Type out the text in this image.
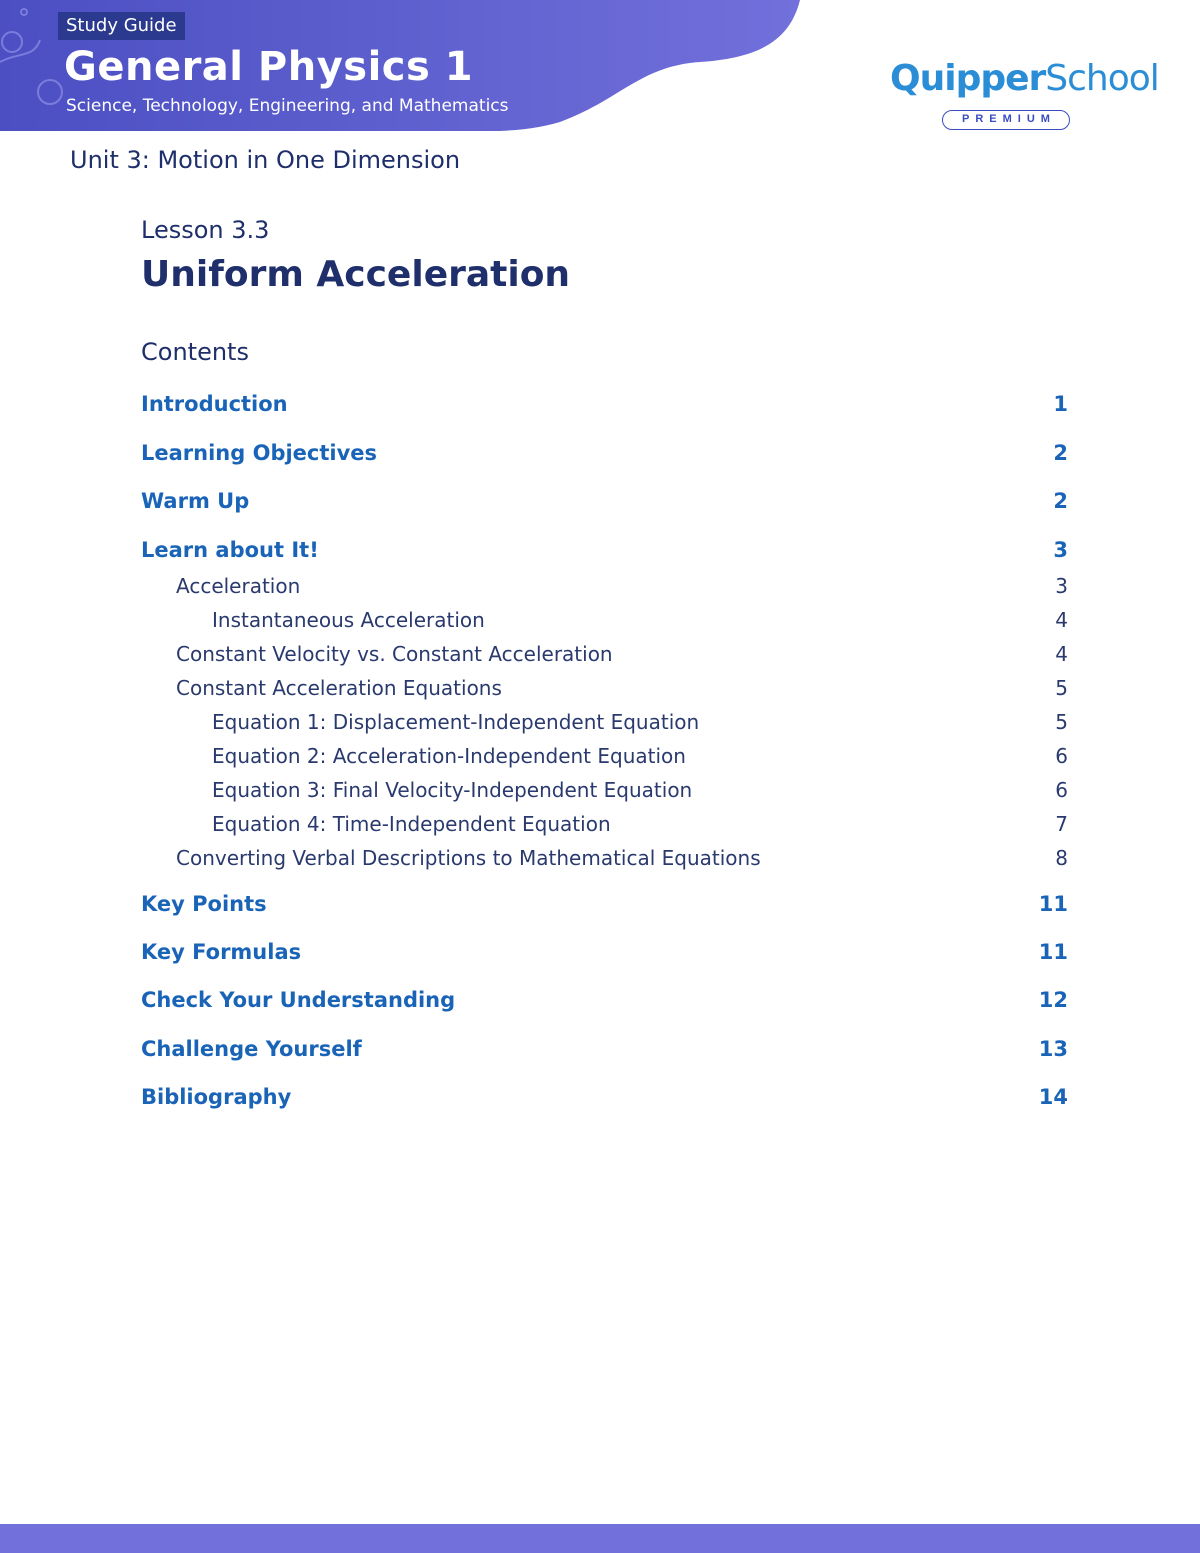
Study Guide
General Physics 1
Science, Technology, Engineering, and Mathematics
QuipperSchool
PREMIUM
Unit 3: Motion in One Dimension
Lesson 3.3
Uniform Acceleration
Contents
Introduction	1
Learning Objectives	2
Warm Up	2
Learn about It!	3
Acceleration	3
Instantaneous Acceleration	4
Constant Velocity vs. Constant Acceleration	4
Constant Acceleration Equations	5
Equation 1: Displacement-Independent Equation	5
Equation 2: Acceleration-Independent Equation	6
Equation 3: Final Velocity-Independent Equation	6
Equation 4: Time-Independent Equation	7
Converting Verbal Descriptions to Mathematical Equations	8
Key Points	11
Key Formulas	11
Check Your Understanding	12
Challenge Yourself	13
Bibliography	14
